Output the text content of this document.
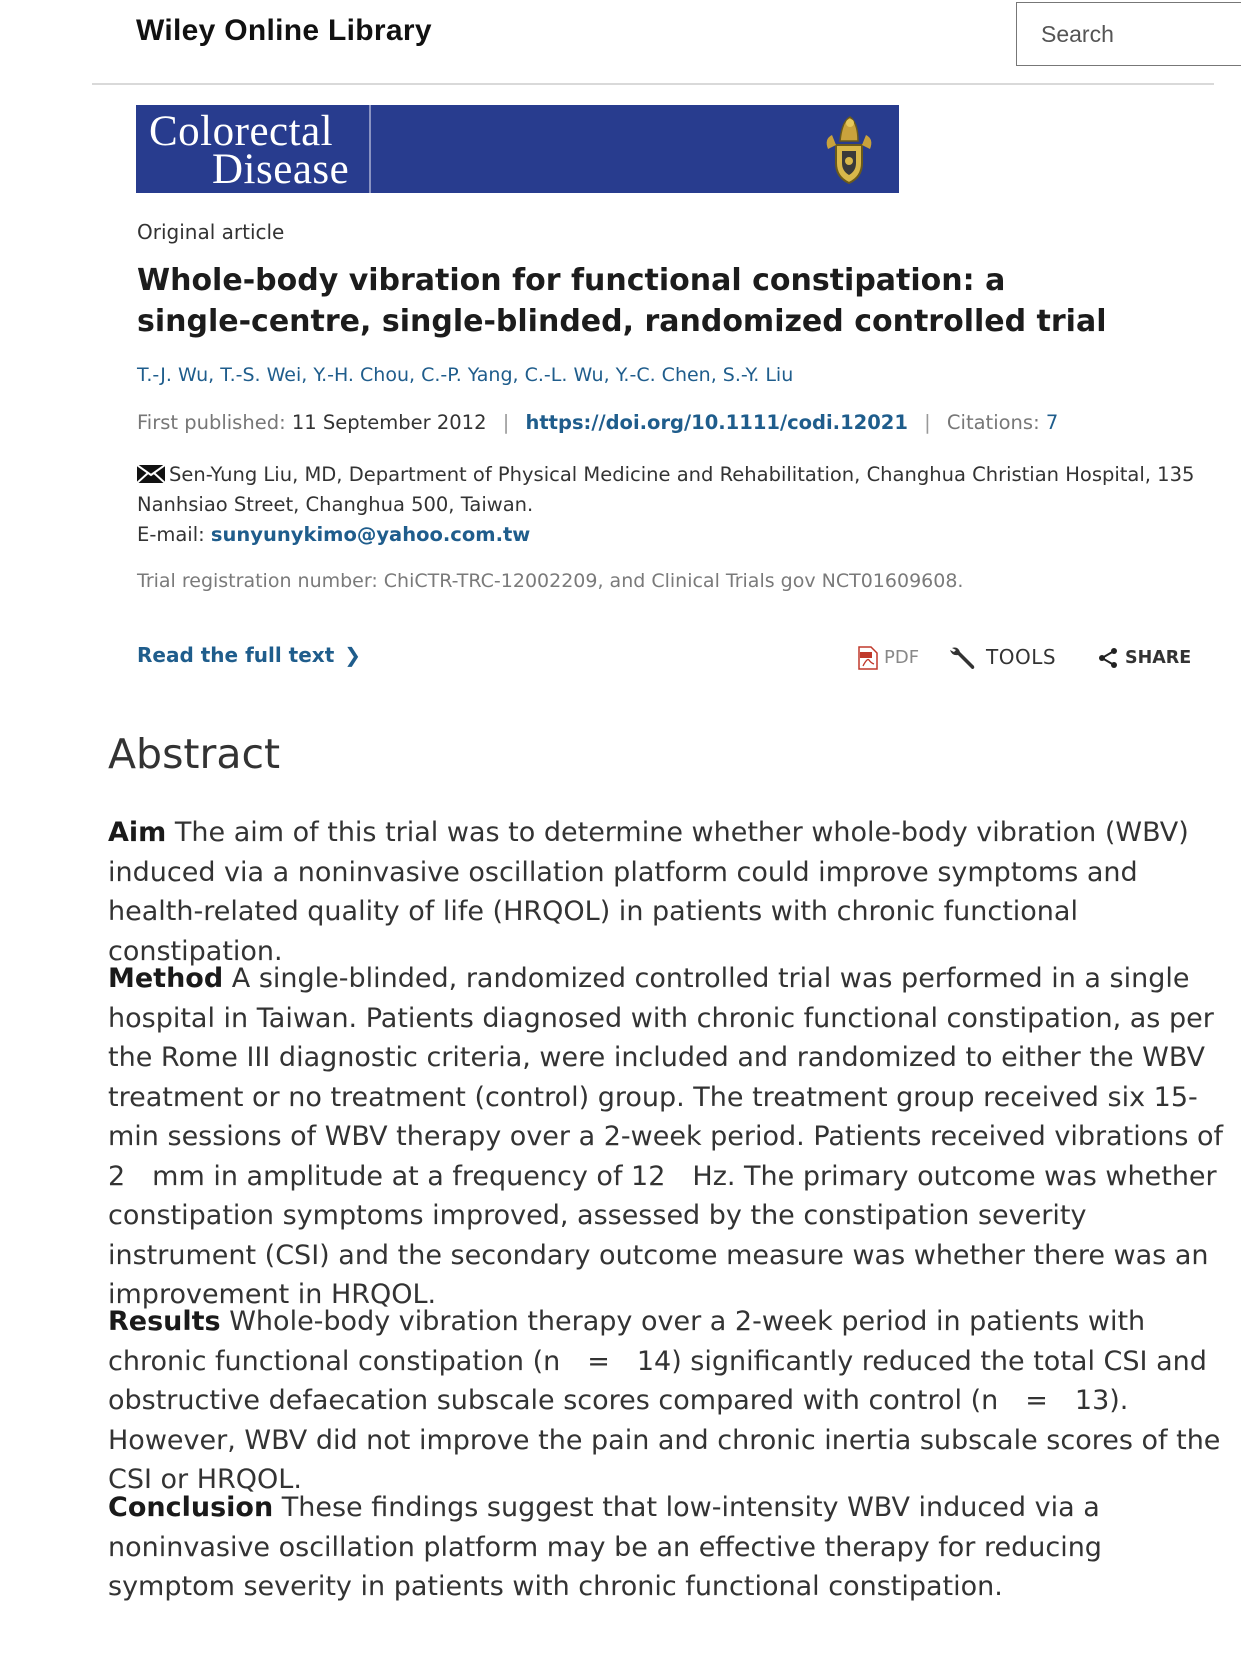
Wiley Online Library
Search
Colorectal
Disease
Original article
Whole-body vibration for functional constipation: a single-centre, single-blinded, randomized controlled trial
T.-J. Wu, T.-S. Wei, Y.-H. Chou, C.-P. Yang, C.-L. Wu, Y.-C. Chen, S.-Y. Liu
First published: 11 September 2012 | https://doi.org/10.1111/codi.12021 | Citations: 7
Sen-Yung Liu, MD, Department of Physical Medicine and Rehabilitation, Changhua Christian Hospital, 135 Nanhsiao Street, Changhua 500, Taiwan.
E-mail: sunyunykimo@yahoo.com.tw
Trial registration number: ChiCTR-TRC-12002209, and Clinical Trials gov NCT01609608.
Read the full text ❯	PDF	TOOLS	SHARE
Abstract
Aim The aim of this trial was to determine whether whole-body vibration (WBV) induced via a noninvasive oscillation platform could improve symptoms and health-related quality of life (HRQOL) in patients with chronic functional constipation.
Method A single-blinded, randomized controlled trial was performed in a single hospital in Taiwan. Patients diagnosed with chronic functional constipation, as per the Rome III diagnostic criteria, were included and randomized to either the WBV treatment or no treatment (control) group. The treatment group received six 15-min sessions of WBV therapy over a 2-week period. Patients received vibrations of 2 mm in amplitude at a frequency of 12 Hz. The primary outcome was whether constipation symptoms improved, assessed by the constipation severity instrument (CSI) and the secondary outcome measure was whether there was an improvement in HRQOL.
Results Whole-body vibration therapy over a 2-week period in patients with chronic functional constipation (n = 14) significantly reduced the total CSI and obstructive defaecation subscale scores compared with control (n = 13). However, WBV did not improve the pain and chronic inertia subscale scores of the CSI or HRQOL.
Conclusion These findings suggest that low-intensity WBV induced via a noninvasive oscillation platform may be an effective therapy for reducing symptom severity in patients with chronic functional constipation.
